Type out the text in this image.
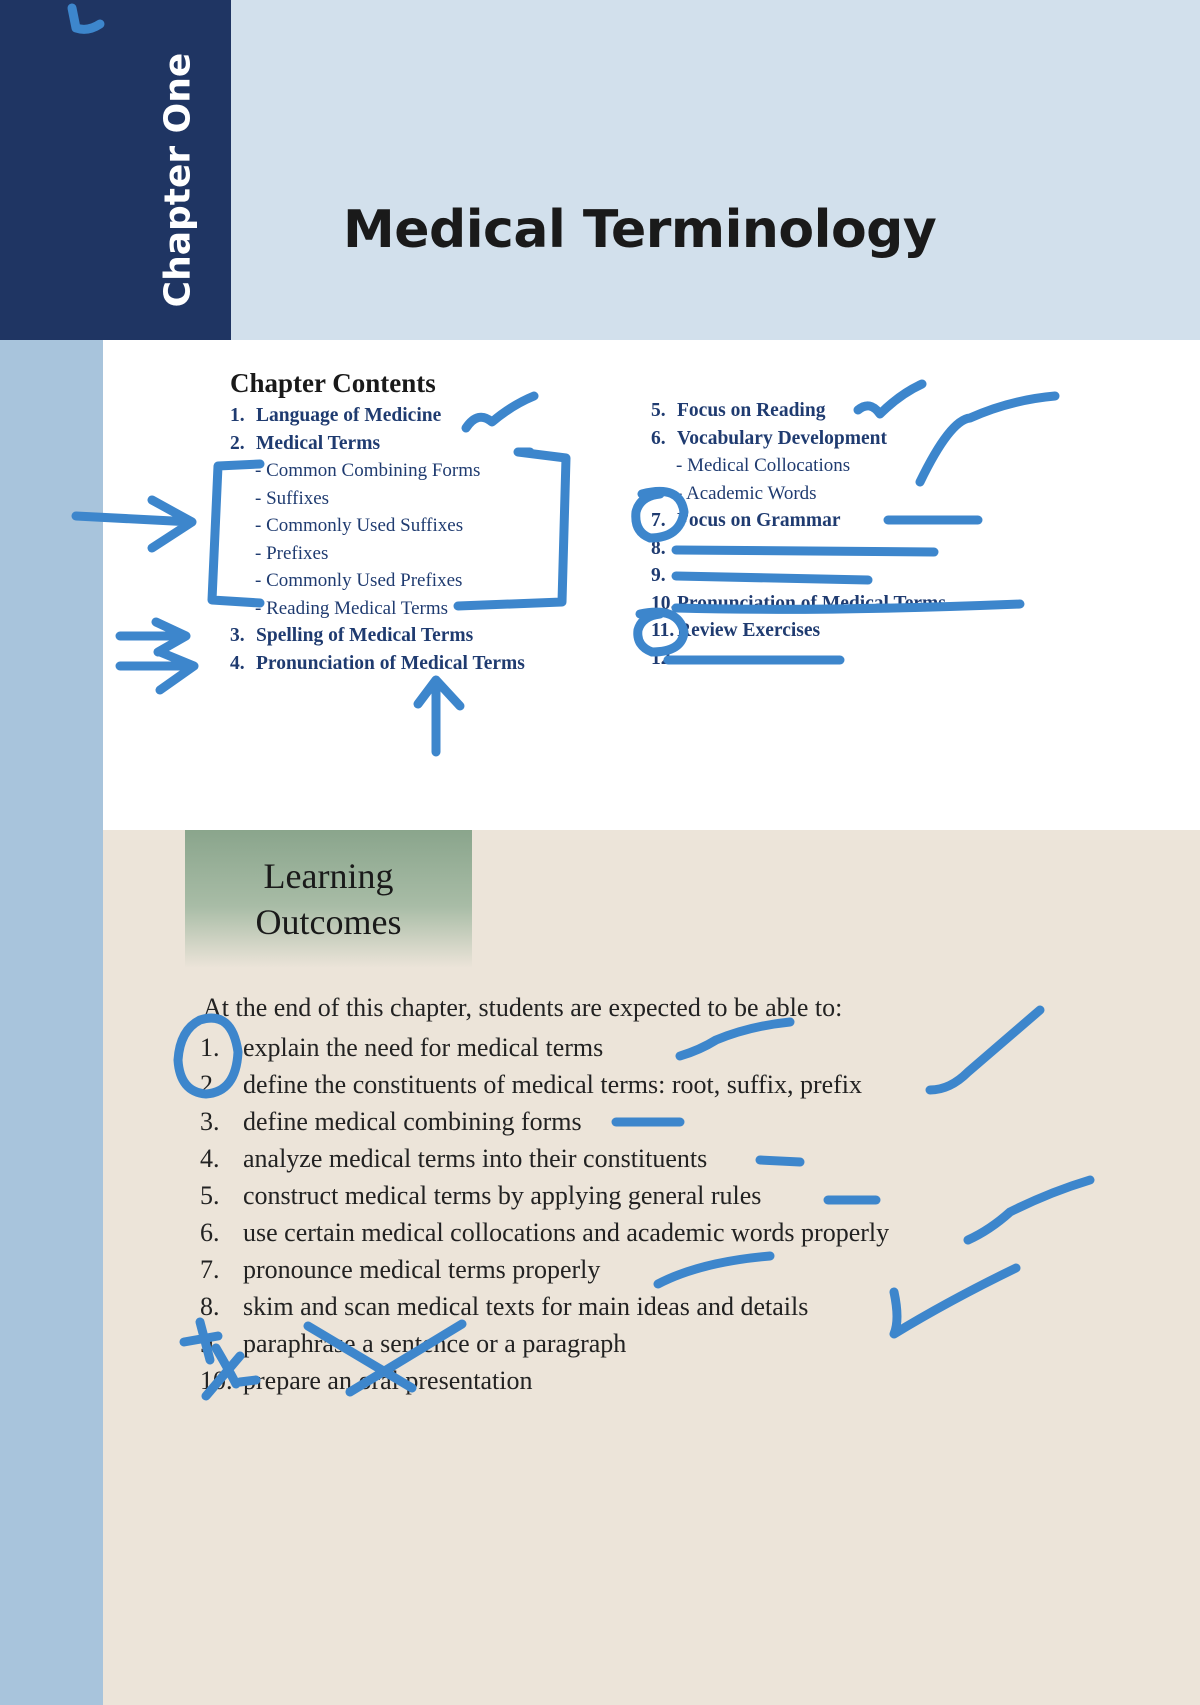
Chapter One	Medical Terminology
Chapter Contents
1. Language of Medicine
2. Medical Terms
- Common Combining Forms
- Suffixes
- Commonly Used Suffixes
- Prefixes
- Commonly Used Prefixes
- Reading Medical Terms
3. Spelling of Medical Terms
4. Pronunciation of Medical Terms
5. Focus on Reading
6. Vocabulary Development
- Medical Collocations
- Academic Words
7. Focus on Grammar
8.
9.
10.Pronunciation of Medical Terms
11. Review Exercises
12.
Learning Outcomes

At the end of this chapter, students are expected to be able to:

1. explain the need for medical terms
2. define the constituents of medical terms: root, suffix, prefix
3. define medical combining forms
4. analyze medical terms into their constituents
5. construct medical terms by applying general rules
6. use certain medical collocations and academic words properly
7. pronounce medical terms properly
8. skim and scan medical texts for main ideas and details
9. paraphrase a sentence or a paragraph
10. prepare an oral presentation
